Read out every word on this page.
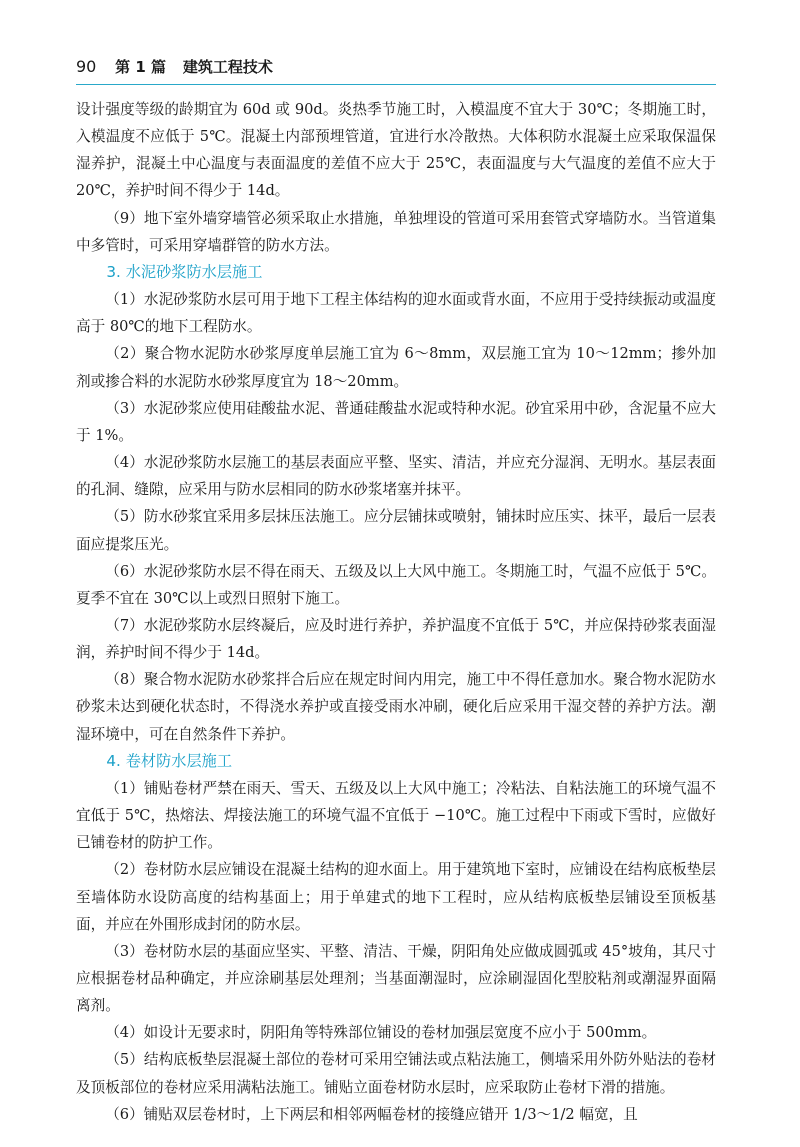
90 第 1 篇 建筑工程技术

设计强度等级的龄期宜为 60d 或 90d。炎热季节施工时，入模温度不宜大于 30℃；冬期施工时，入模温度不应低于 5℃。混凝土内部预埋管道，宜进行水冷散热。大体积防水混凝土应采取保温保湿养护，混凝土中心温度与表面温度的差值不应大于 25℃，表面温度与大气温度的差值不应大于 20℃，养护时间不得少于 14d。

（9）地下室外墙穿墙管必须采取止水措施，单独埋设的管道可采用套管式穿墙防水。当管道集中多管时，可采用穿墙群管的防水方法。

3. 水泥砂浆防水层施工

（1）水泥砂浆防水层可用于地下工程主体结构的迎水面或背水面，不应用于受持续振动或温度高于 80℃的地下工程防水。

（2）聚合物水泥防水砂浆厚度单层施工宜为 6～8mm，双层施工宜为 10～12mm；掺外加剂或掺合料的水泥防水砂浆厚度宜为 18～20mm。

（3）水泥砂浆应使用硅酸盐水泥、普通硅酸盐水泥或特种水泥。砂宜采用中砂，含泥量不应大于 1%。

（4）水泥砂浆防水层施工的基层表面应平整、坚实、清洁，并应充分湿润、无明水。基层表面的孔洞、缝隙，应采用与防水层相同的防水砂浆堵塞并抹平。

（5）防水砂浆宜采用多层抹压法施工。应分层铺抹或喷射，铺抹时应压实、抹平，最后一层表面应提浆压光。

（6）水泥砂浆防水层不得在雨天、五级及以上大风中施工。冬期施工时，气温不应低于 5℃。夏季不宜在 30℃以上或烈日照射下施工。

（7）水泥砂浆防水层终凝后，应及时进行养护，养护温度不宜低于 5℃，并应保持砂浆表面湿润，养护时间不得少于 14d。

（8）聚合物水泥防水砂浆拌合后应在规定时间内用完，施工中不得任意加水。聚合物水泥防水砂浆未达到硬化状态时，不得浇水养护或直接受雨水冲刷，硬化后应采用干湿交替的养护方法。潮湿环境中，可在自然条件下养护。

4. 卷材防水层施工

（1）铺贴卷材严禁在雨天、雪天、五级及以上大风中施工；冷粘法、自粘法施工的环境气温不宜低于 5℃，热熔法、焊接法施工的环境气温不宜低于 −10℃。施工过程中下雨或下雪时，应做好已铺卷材的防护工作。

（2）卷材防水层应铺设在混凝土结构的迎水面上。用于建筑地下室时，应铺设在结构底板垫层至墙体防水设防高度的结构基面上；用于单建式的地下工程时，应从结构底板垫层铺设至顶板基面，并应在外围形成封闭的防水层。

（3）卷材防水层的基面应坚实、平整、清洁、干燥，阴阳角处应做成圆弧或 45°坡角，其尺寸应根据卷材品种确定，并应涂刷基层处理剂；当基面潮湿时，应涂刷湿固化型胶粘剂或潮湿界面隔离剂。

（4）如设计无要求时，阴阳角等特殊部位铺设的卷材加强层宽度不应小于 500mm。

（5）结构底板垫层混凝土部位的卷材可采用空铺法或点粘法施工，侧墙采用外防外贴法的卷材及顶板部位的卷材应采用满粘法施工。铺贴立面卷材防水层时，应采取防止卷材下滑的措施。

（6）铺贴双层卷材时，上下两层和相邻两幅卷材的接缝应错开 1/3～1/2 幅宽，且
